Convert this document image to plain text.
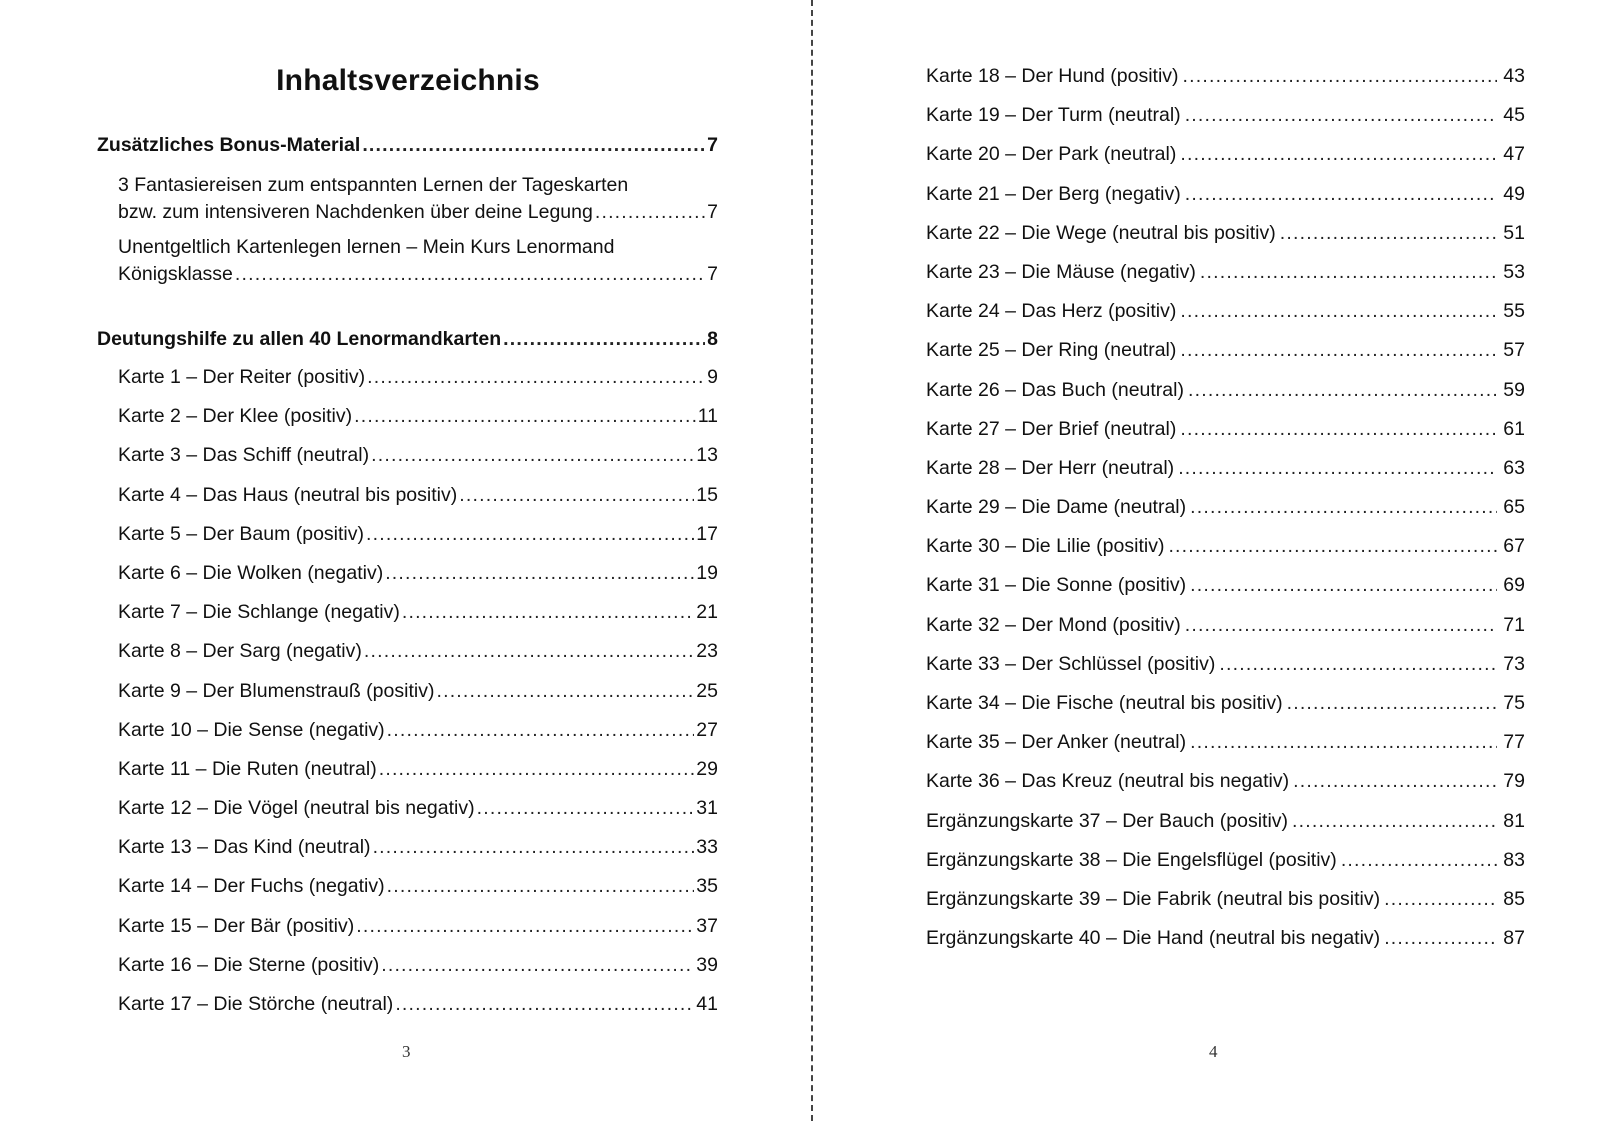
Inhaltsverzeichnis
Zusätzliches Bonus-Material .....	7
3 Fantasiereisen zum entspannten Lernen der Tageskarten
bzw. zum intensiveren Nachdenken über deine Legung .....	7
Unentgeltlich Kartenlegen lernen – Mein Kurs Lenormand
Königsklasse .....	7
Deutungshilfe zu allen 40 Lenormandkarten .....	8
Karte 1 – Der Reiter (positiv) .....	9
Karte 2 – Der Klee (positiv) .....	11
Karte 3 – Das Schiff (neutral) .....	13
Karte 4 – Das Haus (neutral bis positiv) .....	15
Karte 5 – Der Baum (positiv) .....	17
Karte 6 – Die Wolken (negativ) .....	19
Karte 7 – Die Schlange (negativ) .....	21
Karte 8 – Der Sarg (negativ) .....	23
Karte 9 – Der Blumenstrauß (positiv) .....	25
Karte 10 – Die Sense (negativ) .....	27
Karte 11 – Die Ruten (neutral) .....	29
Karte 12 – Die Vögel (neutral bis negativ) .....	31
Karte 13 – Das Kind (neutral) .....	33
Karte 14 – Der Fuchs (negativ) .....	35
Karte 15 – Der Bär (positiv) .....	37
Karte 16 – Die Sterne (positiv) .....	39
Karte 17 – Die Störche (neutral) .....	41
3
Karte 18 – Der Hund (positiv) .....	43
Karte 19 – Der Turm (neutral) .....	45
Karte 20 – Der Park (neutral) .....	47
Karte 21 – Der Berg (negativ) .....	49
Karte 22 – Die Wege (neutral bis positiv) .....	51
Karte 23 – Die Mäuse (negativ) .....	53
Karte 24 – Das Herz (positiv) .....	55
Karte 25 – Der Ring (neutral) .....	57
Karte 26 – Das Buch (neutral) .....	59
Karte 27 – Der Brief (neutral) .....	61
Karte 28 – Der Herr (neutral) .....	63
Karte 29 – Die Dame (neutral) .....	65
Karte 30 – Die Lilie (positiv) .....	67
Karte 31 – Die Sonne (positiv) .....	69
Karte 32 – Der Mond (positiv) .....	71
Karte 33 – Der Schlüssel (positiv) .....	73
Karte 34 – Die Fische (neutral bis positiv) .....	75
Karte 35 – Der Anker (neutral) .....	77
Karte 36 – Das Kreuz (neutral bis negativ) .....	79
Ergänzungskarte 37 – Der Bauch (positiv) .....	81
Ergänzungskarte 38 – Die Engelsflügel (positiv) .....	83
Ergänzungskarte 39 – Die Fabrik (neutral bis positiv) .....	85
Ergänzungskarte 40 – Die Hand (neutral bis negativ) .....	87
4
